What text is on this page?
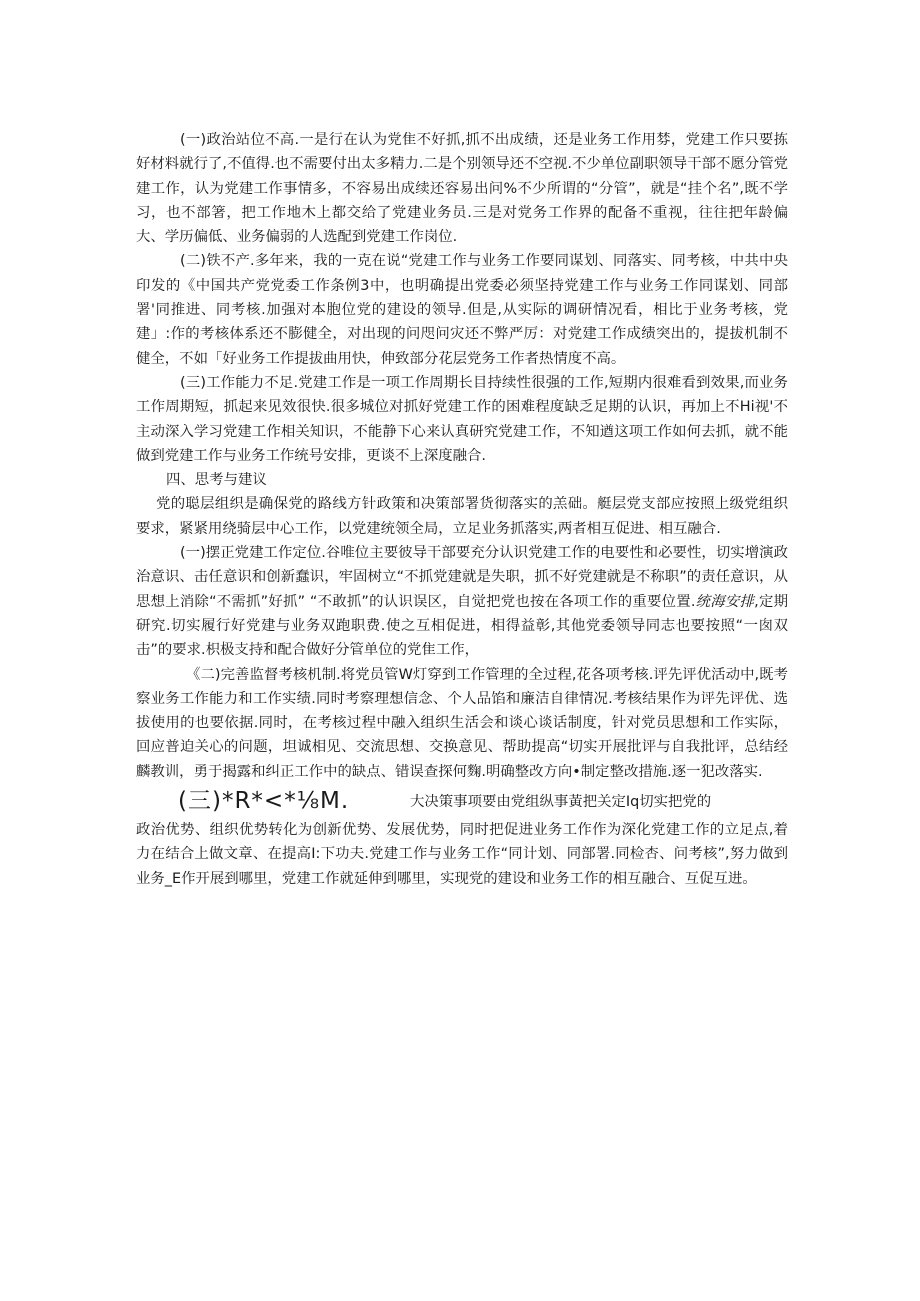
(一)政治站位不高.一是行在认为党隹不好抓,抓不出成绩，还是业务工作用棼，党建工作只要拣好材料就行了,不值得.也不需要付出太多精力.二是个别领导还不空视.不少单位副职领导干部不愿分管党建工作，认为党建工作事情多，不容易出成续还容易出问%不少所谓的“分管”，就是“挂个名”,既不学习，也不部箸，把工作地木上都交给了党建业务员.三是对党务工作界的配备不重视，往往把年龄偏大、学历偏低、业务偏弱的人选配到党建工作岗位.

(二)铁不产.多年来，我的一克在说“党建工作与业务工作要同谋划、同落实、同考核，中共中央印发的《中国共产党党委工作条例3中，也明确提出党委必须坚持党建工作与业务工作同谋划、同部署'同推进、同考核.加强对本胞位党的建设的领导.但是,从实际的调研情况看，相比于业务考核，党建」:作的考核体系还不膨健全，对出现的问咫问灾还不弊严厉：对党建工作成绩突出的，提拔机制不健全，不如「好业务工作提拔曲用快，伸致部分花层党务工作者热情度不高。

(三)工作能力不足.党建工作是一项工作周期长目持续性很强的工作,短期内很难看到效果,而业务工作周期短，抓起来见效很快.很多城位对抓好党建工作的困难程度缺乏足期的认识，再加上不Hi视'不主动深入学习党建工作相关知识，不能静下心来认真研究党建工作，不知遒这项工作如何去抓，就不能做到党建工作与业务工作统号安排，更谈不上深度融合.

四、思考与建议

党的聪层组织是确保党的路线方针政策和决策部署货彻落实的羔础。艇层党支部应按照上级党组织要求，紧紧用绕骑层中心工作，以党建统领全局，立足业务抓落实,两者相互促进、相互融合.

(一)摆正党建工作定位.谷唯位主要彼导干部要充分认识党建工作的电要性和必要性，切实增演政治意识、击任意识和创新蠢识，牢固树立“不抓党建就是失职，抓不好党建就是不称职”的责任意识，从思想上消除“不需抓”好抓” “不敢抓”的认识误区，自觉把党也按在各项工作的重要位置.统海安排,定期研究.切实履行好党建与业务双跑职费.使之互相促进，相得益彰,其他党委领导同志也要按照“一囱双击”的要求.枳极支持和配合做好分管单位的党隹工作，

《二)完善监督考核机制.将党员管W灯穿到工作管理的全过程,花各项考核.评先评优活动中,既考察业务工作能力和工作实绩.同时考察理想信念、个人品馅和廉洁自律情况.考核结果作为评先评优、选拔使用的也要依据.同时，在考核过程中融入组织生活会和谈心谈话制度，针对党员思想和工作实际，回应普迫关心的问题，坦诚相见、交流思想、交换意见、帮助提高“切实开展批评与自我批评，总结经麟教训，勇于揭露和纠正工作中的缺点、错误查探何麴.明确整改方向•制定整改措施.逐一犯改落实.

(三)*R*<*⅛M.	大决策事项要由党组纵事黃把关定Iq切实把党的

政治优势、组织优势转化为创新优势、发展优势，同时把促进业务工作作为深化党建工作的立足点,着力在结合上做文章、在提高I:下功夫.党建工作与业务工作“同计划、同部署.同检杏、问考核”,努力做到业务_E作开展到哪里，党建工作就延伸到哪里，实现党的建设和业务工作的相互融合、互促互进。
